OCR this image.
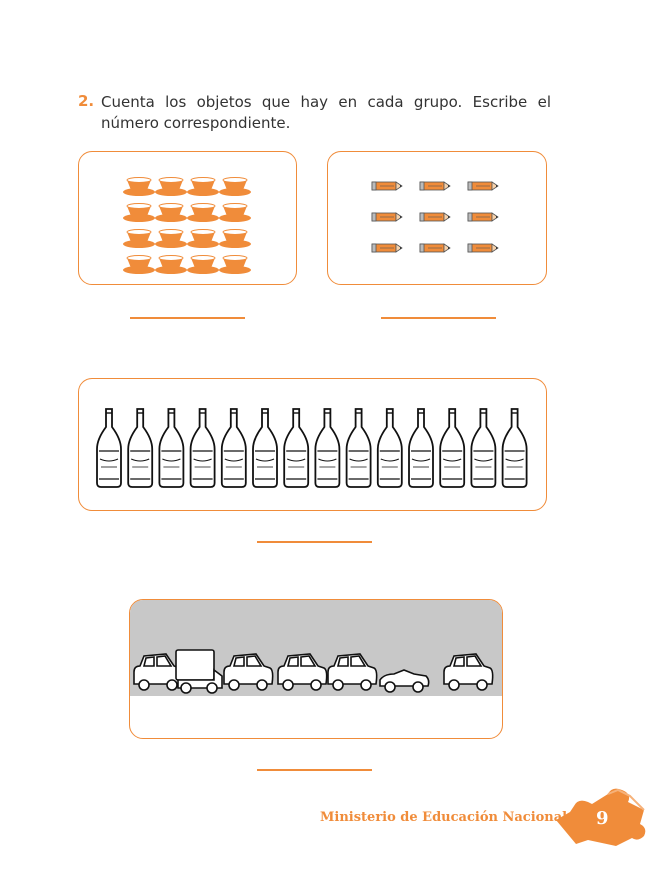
2. Cuenta los objetos que hay en cada grupo. Escribe el número correspondiente.
Ministerio de Educación Nacional 9
